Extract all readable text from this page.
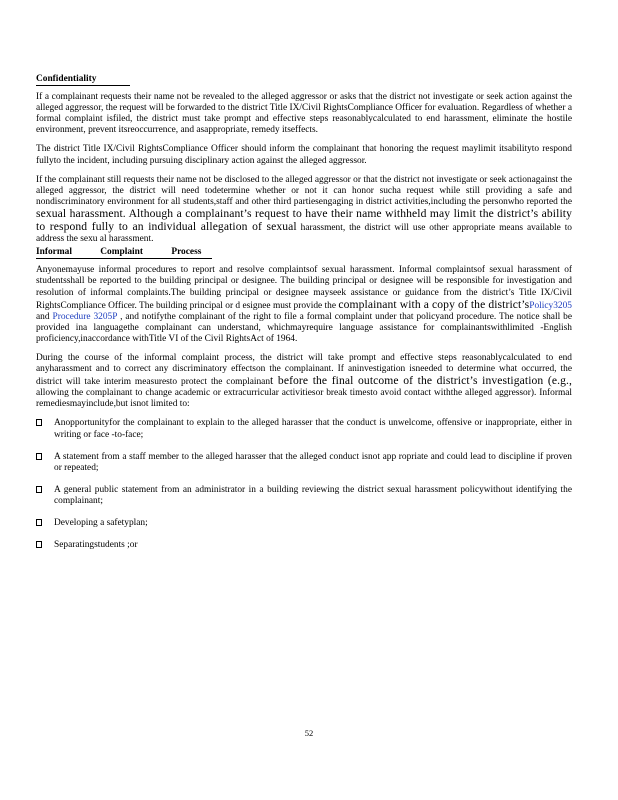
Confidentiality

If a complainant requests their name not be revealed to the alleged aggressor or asks that the district not investigate or seek action against the alleged aggressor, the request will be forwarded to the district Title IX/Civil RightsCompliance Officer for evaluation. Regardless of whether a formal complaint isfiled, the district must take prompt and effective steps reasonablycalculated to end harassment, eliminate the hostile environment, prevent itsreoccurrence, and asappropriate, remedy itseffects.

The district Title IX/Civil RightsCompliance Officer should inform the complainant that honoring the request maylimit itsabilityto respond fullyto the incident, including pursuing disciplinary action against the alleged aggressor.

If the complainant still requests their name not be disclosed to the alleged aggressor or that the district not investigate or seek actionagainst the alleged aggressor, the district will need todetermine whether or not it can honor sucha request while still providing a safe and nondiscriminatory environment for all students,staff and other third partiesengaging in district activities,including the personwho reported the sexual harassment. Although a complainant’s request to have their name withheld may limit the district’s ability to respond fully to an individual allegation of sexual harassment, the district will use other appropriate means available to address the sexu al harassment.

Informal Complaint Process

Anyonemayuse informal procedures to report and resolve complaintsof sexual harassment. Informal complaintsof sexual harassment of studentsshall be reported to the building principal or designee. The building principal or designee will be responsible for investigation and resolution of informal complaints.The building principal or designee mayseek assistance or guidance from the district’s Title IX/Civil RightsCompliance Officer. The building principal or d esignee must provide the complainant with a copy of the district’sPolicy3205 and Procedure 3205P , and notifythe complainant of the right to file a formal complaint under that policyand procedure. The notice shall be provided ina languagethe complainant can understand, whichmayrequire language assistance for complainantswithlimited -English proficiency,inaccordance withTitle VI of the Civil RightsAct of 1964.

During the course of the informal complaint process, the district will take prompt and effective steps reasonablycalculated to end anyharassment and to correct any discriminatory effectson the complainant. If aninvestigation isneeded to determine what occurred, the district will take interim measuresto protect the complainant before the final outcome of the district’s investigation (e.g., allowing the complainant to change academic or extracurricular activitiesor break timesto avoid contact withthe alleged aggressor). Informal remediesmayinclude,but isnot limited to:

Anopportunityfor the complainant to explain to the alleged harasser that the conduct is unwelcome, offensive or inappropriate, either in writing or face -to-face;
A statement from a staff member to the alleged harasser that the alleged conduct isnot app ropriate and could lead to discipline if proven or repeated;
A general public statement from an administrator in a building reviewing the district sexual harassment policywithout identifying the complainant;
Developing a safetyplan;
Separatingstudents ;or
52
